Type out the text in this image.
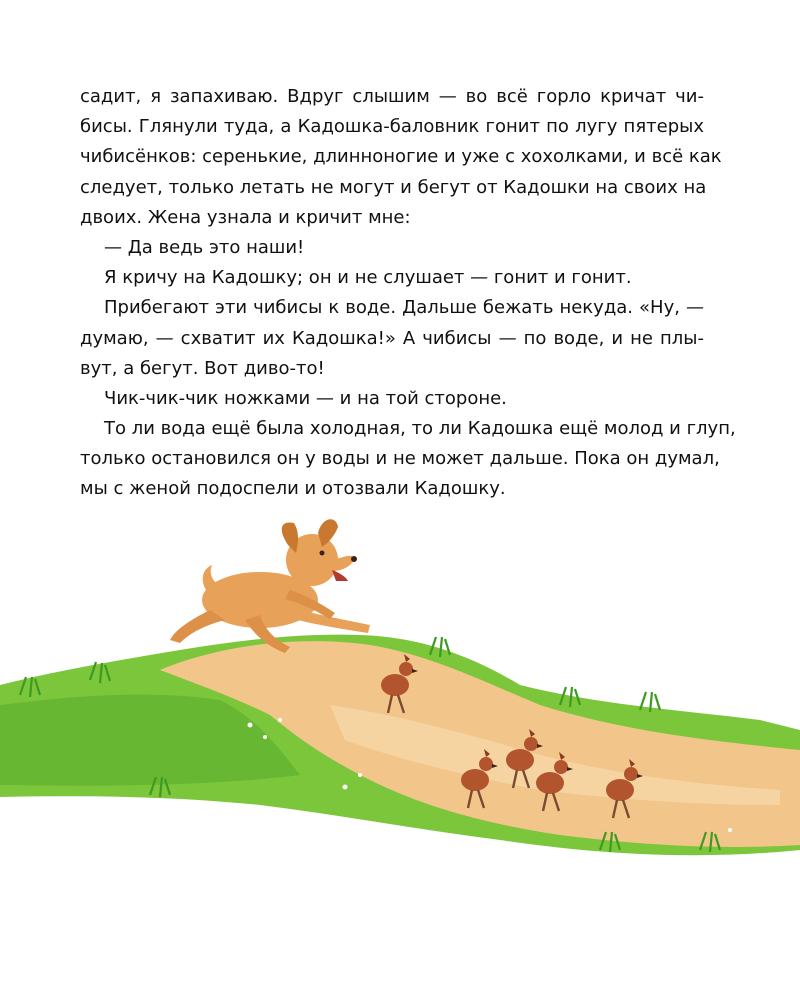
садит, я запахиваю. Вдруг слышим — во всё горло кричат чи-
бисы. Глянули туда, а Кадошка-баловник гонит по лугу пятерых
чибисёнков: серенькие, длинноногие и уже с хохолками, и всё как
следует, только летать не могут и бегут от Кадошки на своих на
двоих. Жена узнала и кричит мне:
— Да ведь это наши!
Я кричу на Кадошку; он и не слушает — гонит и гонит.
Прибегают эти чибисы к воде. Дальше бежать некуда. «Ну, —
думаю, — схватит их Кадошка!» А чибисы — по воде, и не плы-
вут, а бегут. Вот диво-то!
Чик-чик-чик ножками — и на той стороне.
То ли вода ещё была холодная, то ли Кадошка ещё молод и глуп,
только остановился он у воды и не может дальше. Пока он думал,
мы с женой подоспели и отозвали Кадошку.
